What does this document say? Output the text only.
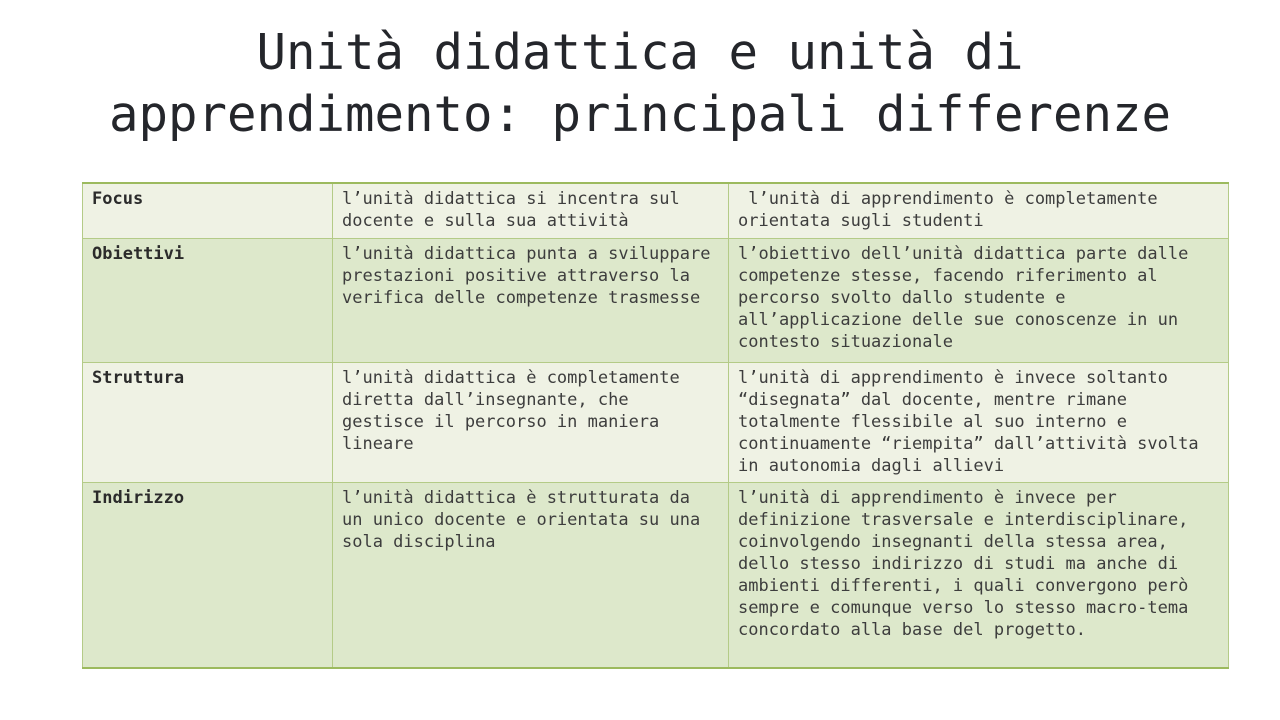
Unità didattica e unità di
apprendimento: principali differenze
Focus	l’unità didattica si incentra sul docente e sulla sua attività	l’unità di apprendimento è completamente orientata sugli studenti
Obiettivi	l’unità didattica punta a sviluppare prestazioni positive attraverso la verifica delle competenze trasmesse	l’obiettivo dell’unità didattica parte dalle competenze stesse, facendo riferimento al percorso svolto dallo studente e all’applicazione delle sue conoscenze in un contesto situazionale
Struttura	l’unità didattica è completamente diretta dall’insegnante, che gestisce il percorso in maniera lineare	l’unità di apprendimento è invece soltanto “disegnata” dal docente, mentre rimane totalmente flessibile al suo interno e continuamente “riempita” dall’attività svolta in autonomia dagli allievi
Indirizzo	l’unità didattica è strutturata da un unico docente e orientata su una sola disciplina	l’unità di apprendimento è invece per definizione trasversale e interdisciplinare, coinvolgendo insegnanti della stessa area, dello stesso indirizzo di studi ma anche di ambienti differenti, i quali convergono però sempre e comunque verso lo stesso macro-tema concordato alla base del progetto.
